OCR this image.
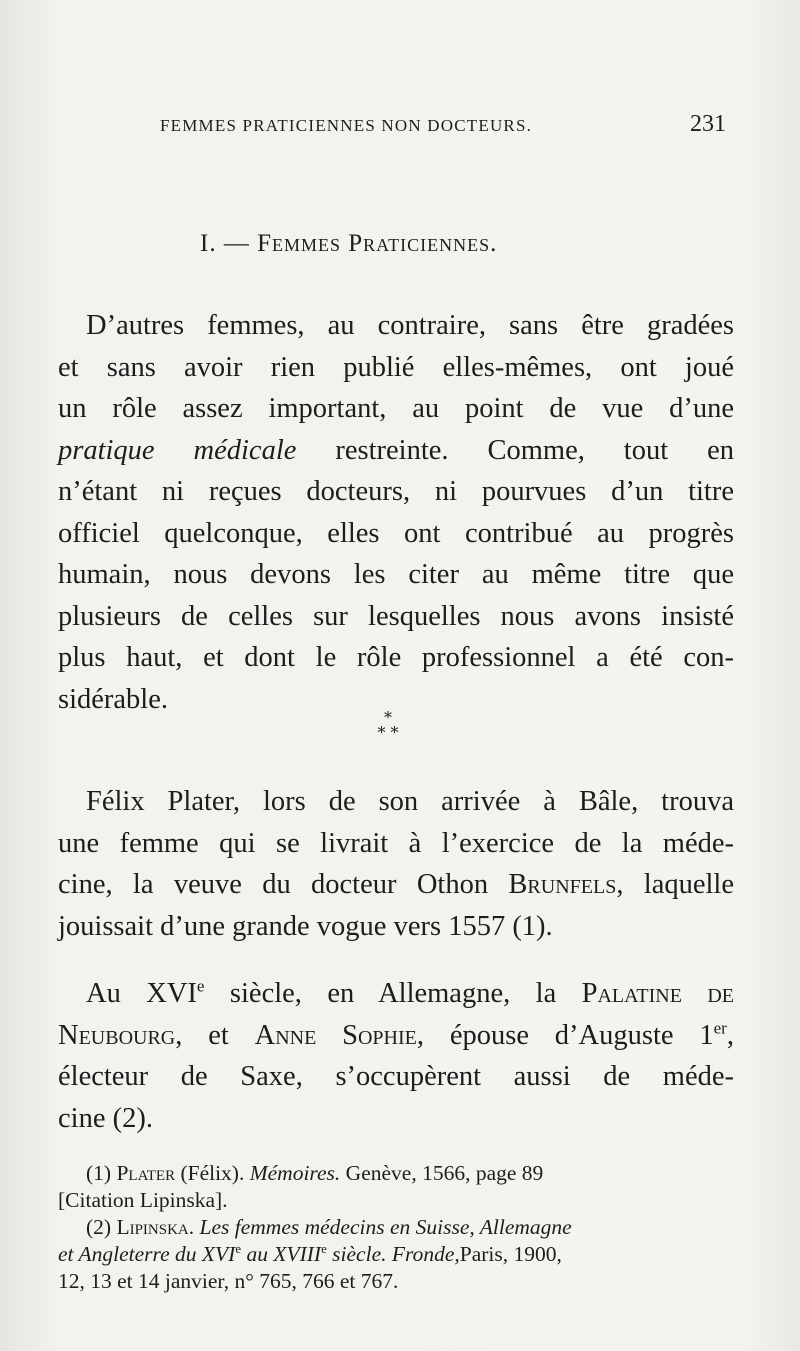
FEMMES PRATICIENNES NON DOCTEURS.	231
I. — Femmes Praticiennes.
D’autres femmes, au contraire, sans être gradées
et sans avoir rien publié elles-mêmes, ont joué
un rôle assez important, au point de vue d’une
pratique médicale restreinte. Comme, tout en
n’étant ni reçues docteurs, ni pourvues d’un titre
officiel quelconque, elles ont contribué au progrès
humain, nous devons les citer au même titre que
plusieurs de celles sur lesquelles nous avons insisté
plus haut, et dont le rôle professionnel a été con-
sidérable.
*
* *
Félix Plater, lors de son arrivée à Bâle, trouva
une femme qui se livrait à l’exercice de la méde-
cine, la veuve du docteur Othon Brunfels, laquelle
jouissait d’une grande vogue vers 1557 (1).
Au XVIe siècle, en Allemagne, la Palatine de
Neubourg, et Anne Sophie, épouse d’Auguste 1er,
électeur de Saxe, s’occupèrent aussi de méde-
cine (2).
(1) Plater (Félix). Mémoires. Genève, 1566, page 89
[Citation Lipinska].
(2) Lipinska. Les femmes médecins en Suisse, Allemagne
et Angleterre du XVIe au XVIIIe siècle. Fronde,Paris, 1900,
12, 13 et 14 janvier, n° 765, 766 et 767.
